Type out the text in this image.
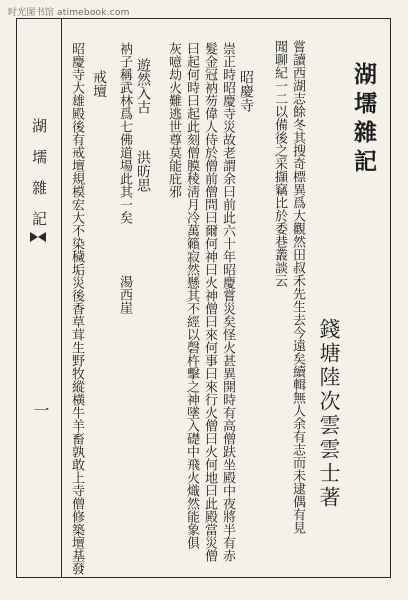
时光图书馆 atimebook.com
湖壖雜記
一
湖壖雜記
錢塘陸次雲雲士著
嘗讀西湖志餘冬其搜奇標異爲大觀然田叔禾先生去今遠矣續輯無人余有志而未逮偶有見
聞聊紀一二以備後之采擷竊比於委巷叢談云
昭慶寺
崇正時昭慶寺災故老謂余曰前此六十年昭慶嘗災矣怪火甚異開時有高僧趺坐殿中夜將半有赤
髮金冠衲芴偉人侍於僧前僧問曰爾何神曰火神僧曰來何事曰來行火僧曰火何地曰此殿當災僧
曰起何時曰起此刻僧膜稜淸月冷萬籟寂然懸其不經以磬杵擊之神墜入礎中飛火熾然能象俱
灰噫劫火難逃世尊莫能庇邪
遊然入古
洪昉思
衲子稱武林爲七佛道場此其一矣
湯西崖
戒壇
昭慶寺大雄殿後有戒壇規模宏大不染穢垢災後香草茸生野牧縱橫牛羊畜孰敢上寺僧修築壇基發
